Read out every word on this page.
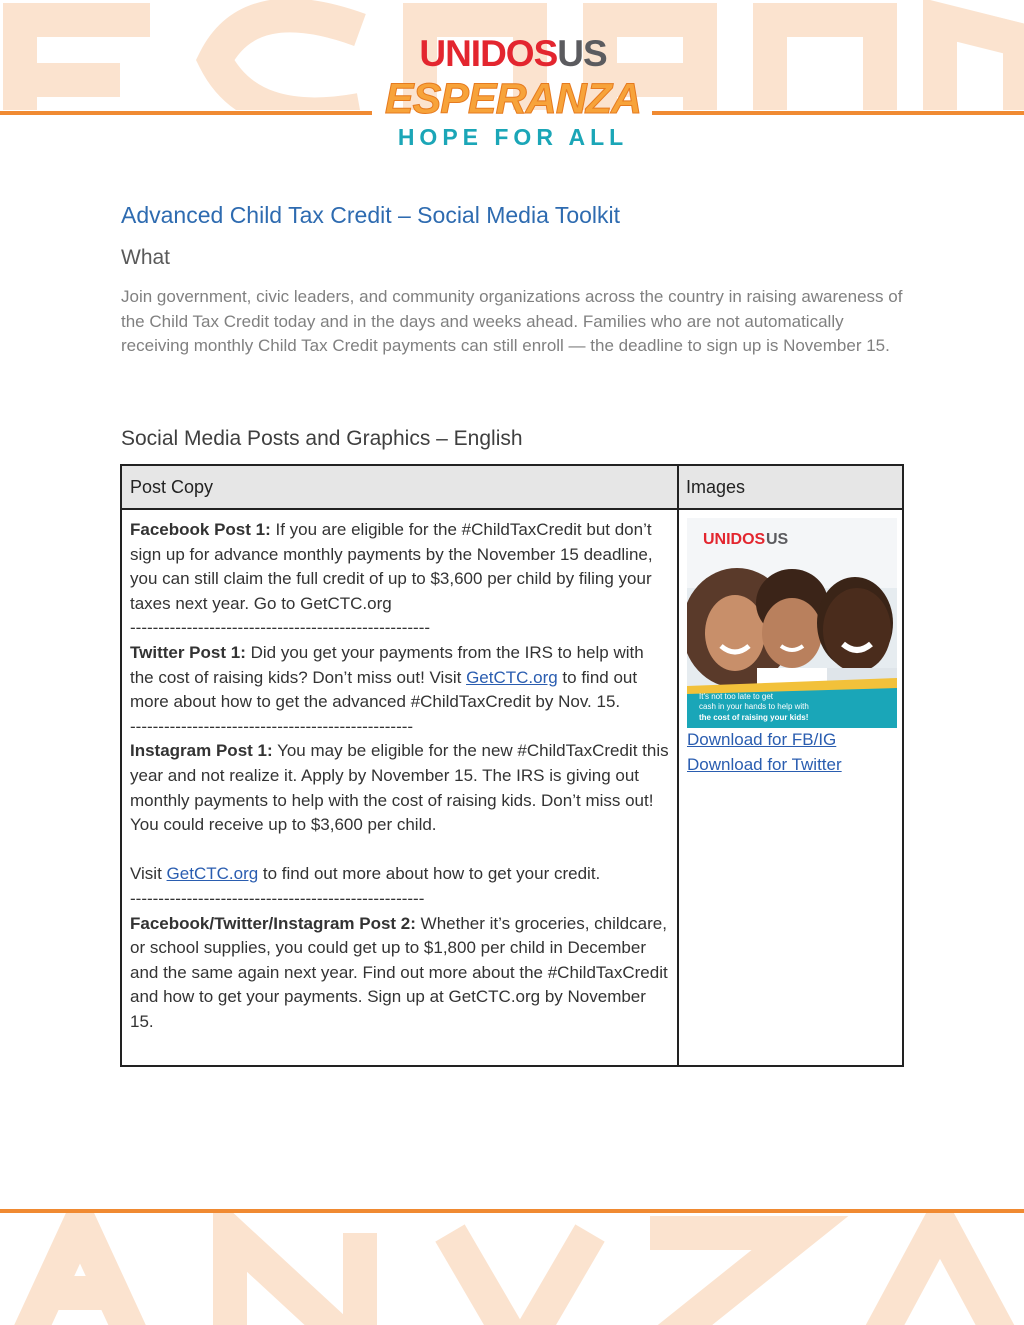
UNIDOSUS
ESPERANZA
HOPE FOR ALL
Advanced Child Tax Credit – Social Media Toolkit
What
Join government, civic leaders, and community organizations across the country in raising awareness of the Child Tax Credit today and in the days and weeks ahead. Families who are not automatically receiving monthly Child Tax Credit payments can still enroll — the deadline to sign up is November 15.
Social Media Posts and Graphics – English
Post Copy	Images
Facebook Post 1: If you are eligible for the #ChildTaxCredit but don’t sign up for advance monthly payments by the November 15 deadline, you can still claim the full credit of up to $3,600 per child by filing your taxes next year. Go to GetCTC.org
-----------------------------------------------------
Twitter Post 1: Did you get your payments from the IRS to help with the cost of raising kids? Don’t miss out! Visit GetCTC.org to find out more about how to get the advanced #ChildTaxCredit by Nov. 15.
--------------------------------------------------
Instagram Post 1: You may be eligible for the new #ChildTaxCredit this year and not realize it. Apply by November 15. The IRS is giving out monthly payments to help with the cost of raising kids. Don’t miss out! You could receive up to $3,600 per child.
Visit GetCTC.org to find out more about how to get your credit.
----------------------------------------------------
Facebook/Twitter/Instagram Post 2: Whether it’s groceries, childcare, or school supplies, you could get up to $1,800 per child in December and the same again next year. Find out more about the #ChildTaxCredit and how to get your payments. Sign up at GetCTC.org by November 15.
UNIDOS US
It's not too late to get
cash in your hands to help with
the cost of raising your kids!
Download for FB/IG
Download for Twitter
